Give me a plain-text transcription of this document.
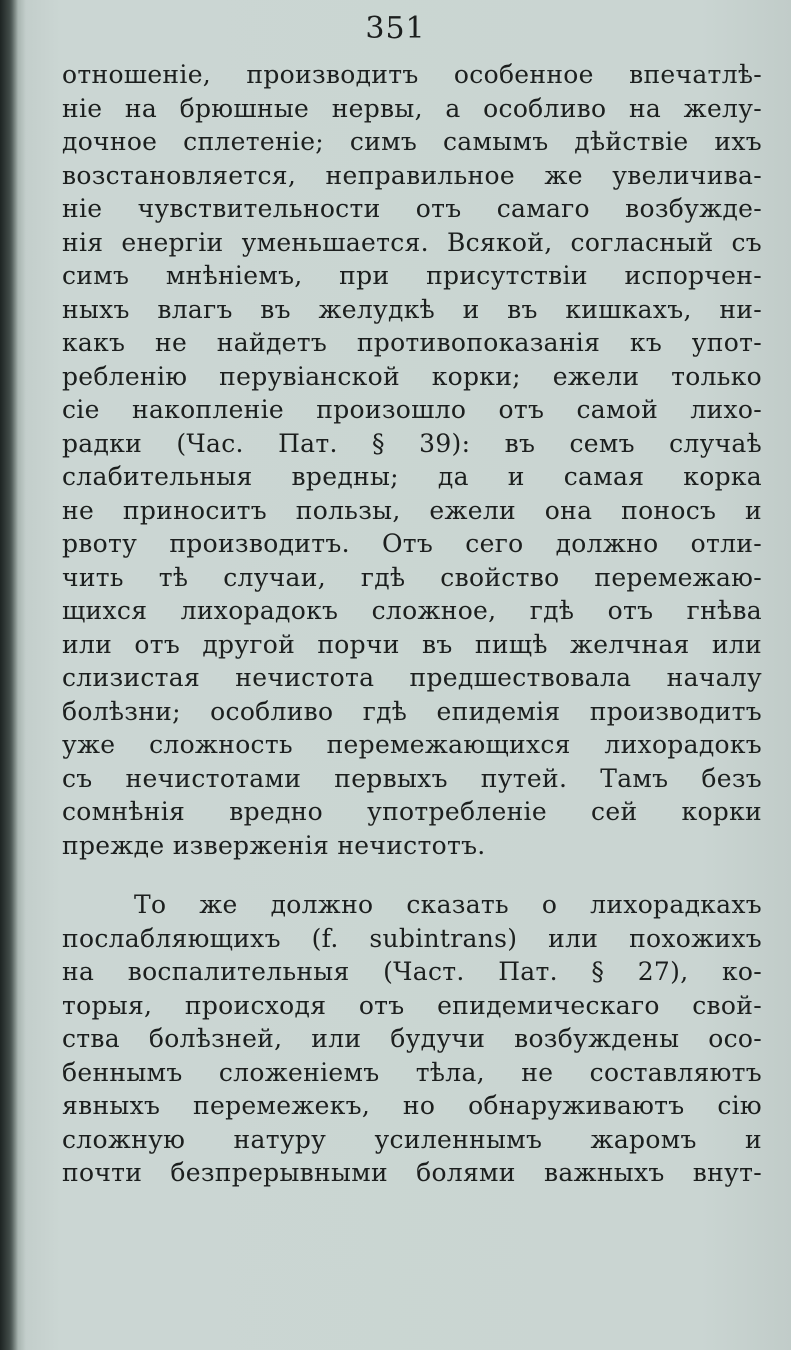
351
отношеніе, производитъ особенное впечатлѣ-
ніе на брюшные нервы, а особливо на желу-
дочное сплетеніе; симъ самымъ дѣйствіе ихъ
возстановляется, неправильное же увеличива-
ніе чувствительности отъ самаго возбужде-
нія енергіи уменьшается. Всякой, согласный съ
симъ мнѣніемъ, при присутствіи испорчен-
ныхъ влагъ въ желудкѣ и въ кишкахъ, ни-
какъ не найдетъ противопоказанія къ упот-
ребленію перувіанской корки; ежели только
сіе накопленіе произошло отъ самой лихо-
радки (Час. Пат. § 39): въ семъ случаѣ
слабительныя вредны; да и самая корка
не приноситъ пользы, ежели она поносъ и
рвоту производитъ. Отъ сего должно отли-
чить тѣ случаи, гдѣ свойство перемежаю-
щихся лихорадокъ сложное, гдѣ отъ гнѣва
или отъ другой порчи въ пищѣ желчная или
слизистая нечистота предшествовала началу
болѣзни; особливо гдѣ епидемія производитъ
уже сложность перемежающихся лихорадокъ
съ нечистотами первыхъ путей. Тамъ безъ
сомнѣнія вредно употребленіе сей корки
прежде изверженія нечистотъ.
То же должно сказать о лихорадкахъ
послабляющихъ (f. subintrans) или похожихъ
на воспалительныя (Част. Пат. § 27), ко-
торыя, происходя отъ епидемическаго свой-
ства болѣзней, или будучи возбуждены осо-
беннымъ сложеніемъ тѣла, не составляютъ
явныхъ перемежекъ, но обнаруживаютъ сію
сложную натуру усиленнымъ жаромъ и
почти безпрерывными болями важныхъ внут-
